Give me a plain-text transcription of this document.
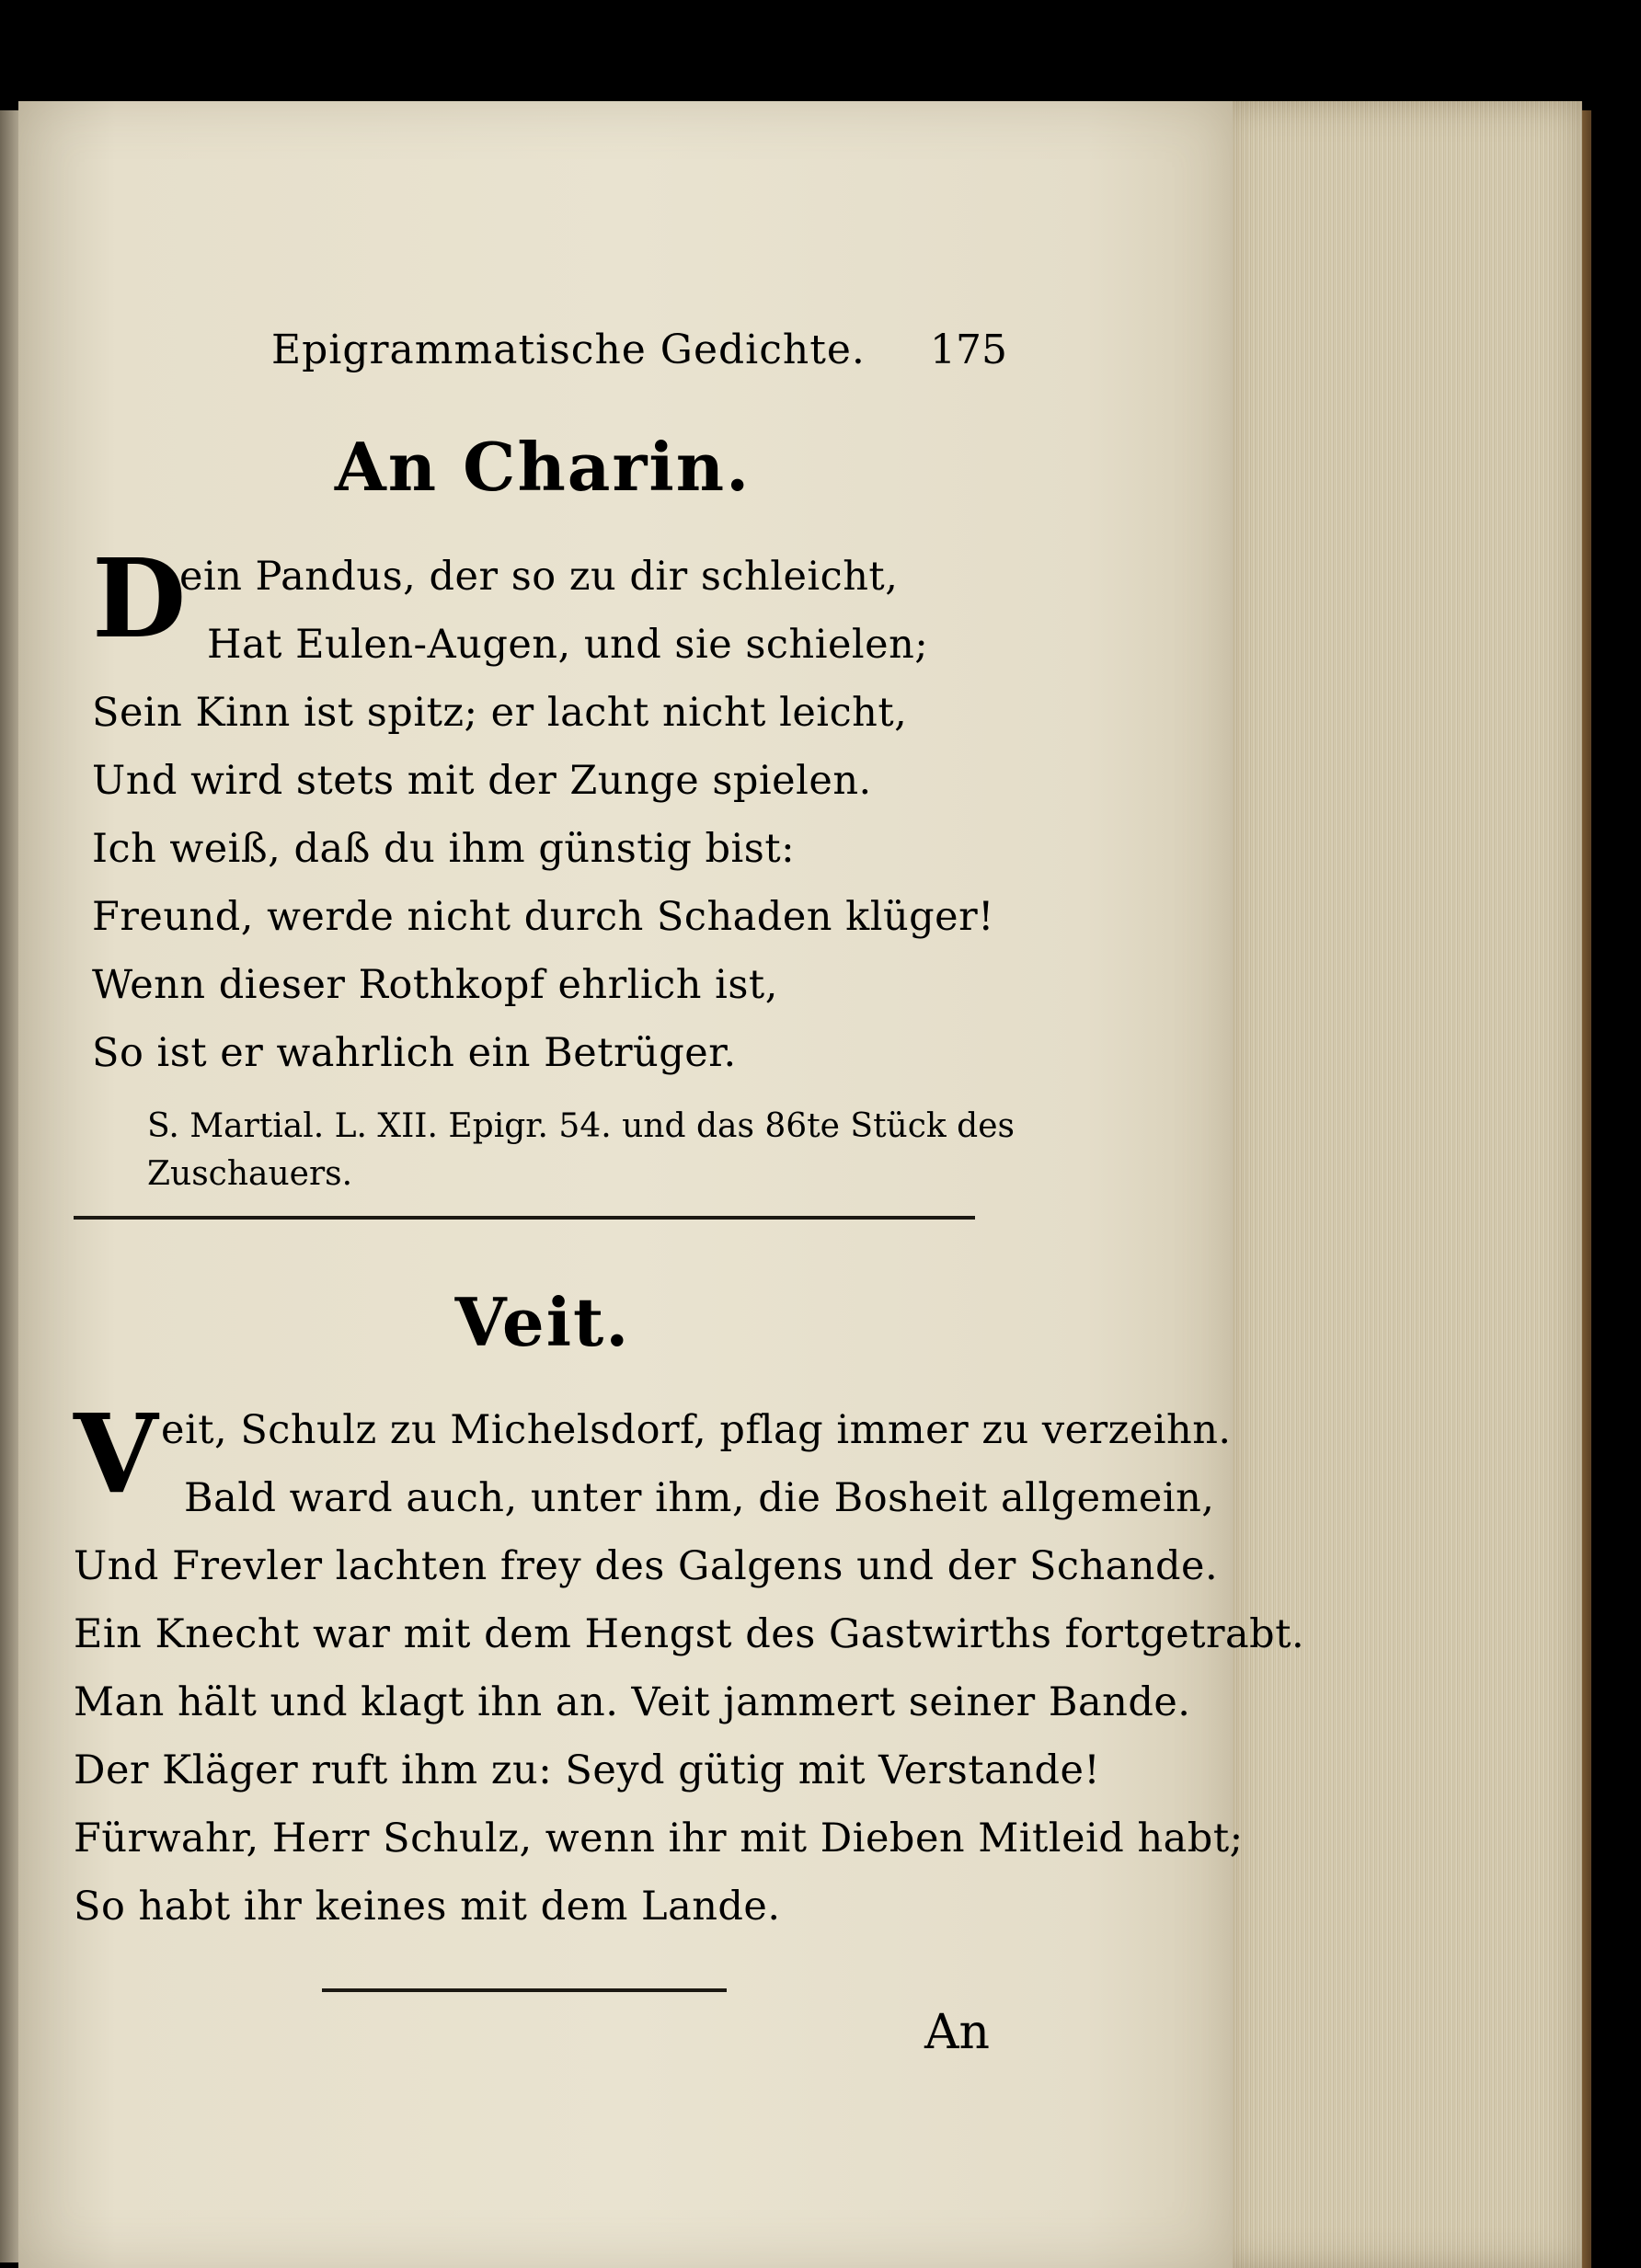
Epigrammatische Gedichte. 175
An Charin.
D
ein Pandus, der so zu dir schleicht,
Hat Eulen-Augen, und sie schielen;
Sein Kinn ist spitz; er lacht nicht leicht,
Und wird stets mit der Zunge spielen.
Ich weiß, daß du ihm günstig bist:
Freund, werde nicht durch Schaden klüger!
Wenn dieser Rothkopf ehrlich ist,
So ist er wahrlich ein Betrüger.
S. Martial. L. XII. Epigr. 54. und das 86te Stück des
Zuschauers.
Veit.
V eit, Schulz zu Michelsdorf, pflag immer zu verzeihn.
Bald ward auch, unter ihm, die Bosheit allgemein,
Und Frevler lachten frey des Galgens und der Schande.
Ein Knecht war mit dem Hengst des Gastwirths fortgetrabt.
Man hält und klagt ihn an. Veit jammert seiner Bande.
Der Kläger ruft ihm zu: Seyd gütig mit Verstande!
Fürwahr, Herr Schulz, wenn ihr mit Dieben Mitleid habt;
So habt ihr keines mit dem Lande.
An
